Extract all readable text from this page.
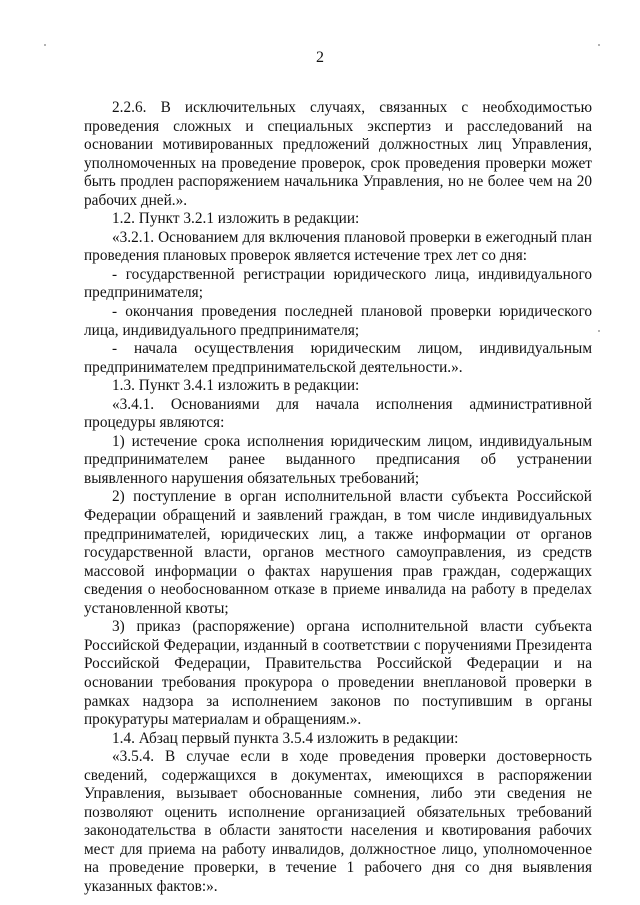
2

2.2.6. В исключительных случаях, связанных с необходимостью проведения сложных и специальных экспертиз и расследований на основании мотивированных предложений должностных лиц Управления, уполномоченных на проведение проверок, срок проведения проверки может быть продлен распоряжением начальника Управления, но не более чем на 20 рабочих дней.».

1.2. Пункт 3.2.1 изложить в редакции:

«3.2.1. Основанием для включения плановой проверки в ежегодный план проведения плановых проверок является истечение трех лет со дня:

- государственной регистрации юридического лица, индивидуального предпринимателя;

- окончания проведения последней плановой проверки юридического лица, индивидуального предпринимателя;

- начала осуществления юридическим лицом, индивидуальным предпринимателем предпринимательской деятельности.».

1.3. Пункт 3.4.1 изложить в редакции:

«3.4.1. Основаниями для начала исполнения административной процедуры являются:

1) истечение срока исполнения юридическим лицом, индивидуальным предпринимателем ранее выданного предписания об устранении выявленного нарушения обязательных требований;

2) поступление в орган исполнительной власти субъекта Российской Федерации обращений и заявлений граждан, в том числе индивидуальных предпринимателей, юридических лиц, а также информации от органов государственной власти, органов местного самоуправления, из средств массовой информации о фактах нарушения прав граждан, содержащих сведения о необоснованном отказе в приеме инвалида на работу в пределах установленной квоты;

3) приказ (распоряжение) органа исполнительной власти субъекта Российской Федерации, изданный в соответствии с поручениями Президента Российской Федерации, Правительства Российской Федерации и на основании требования прокурора о проведении внеплановой проверки в рамках надзора за исполнением законов по поступившим в органы прокуратуры материалам и обращениям.».

1.4. Абзац первый пункта 3.5.4 изложить в редакции:

«3.5.4. В случае если в ходе проведения проверки достоверность сведений, содержащихся в документах, имеющихся в распоряжении Управления, вызывает обоснованные сомнения, либо эти сведения не позволяют оценить исполнение организацией обязательных требований законодательства в области занятости населения и квотирования рабочих мест для приема на работу инвалидов, должностное лицо, уполномоченное на проведение проверки, в течение 1 рабочего дня со дня выявления указанных фактов:».
